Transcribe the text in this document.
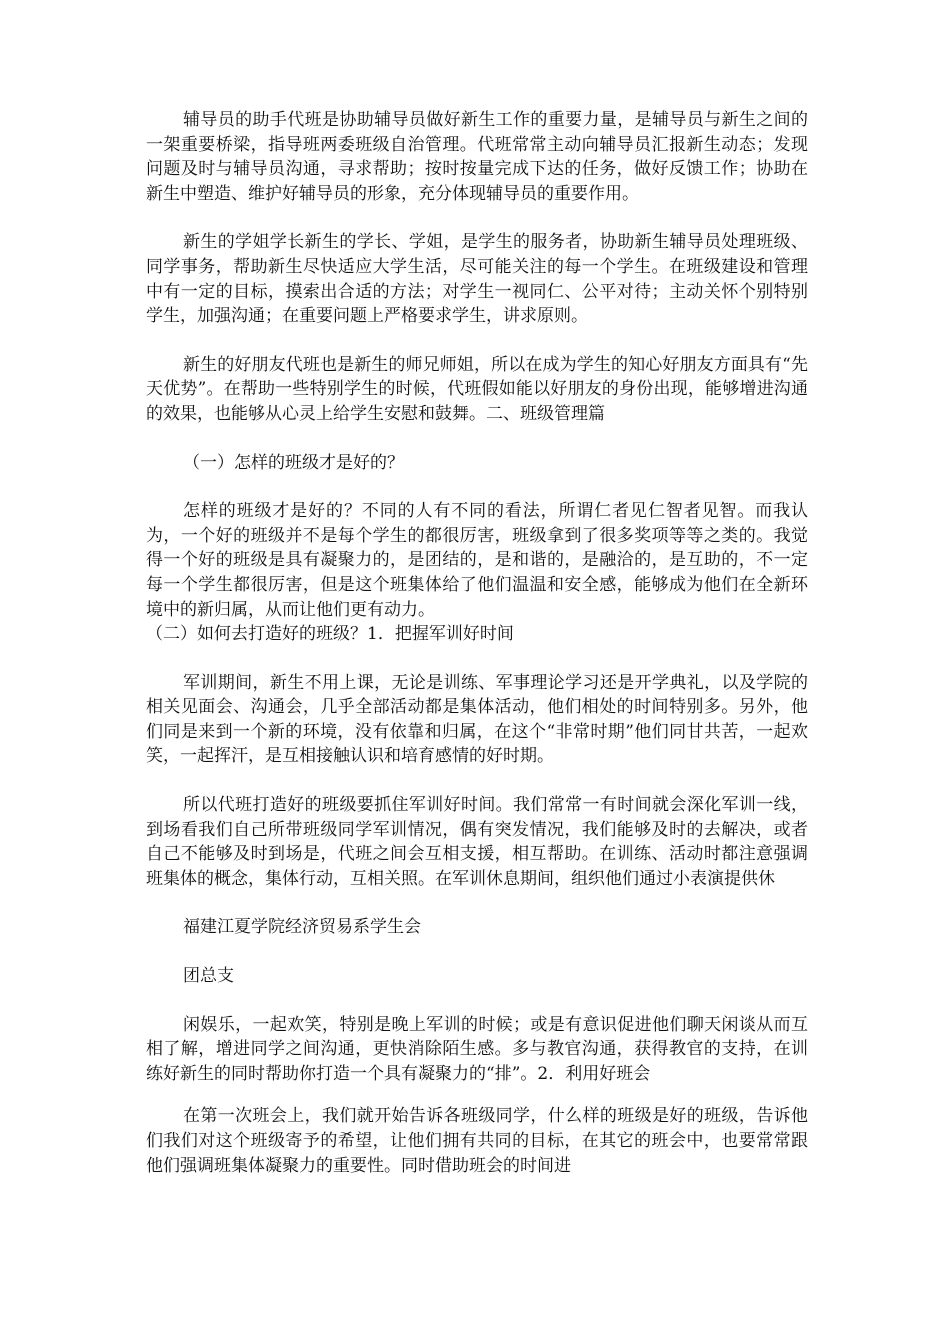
辅导员的助手代班是协助辅导员做好新生工作的重要力量，是辅导员与新生之间的一架重要桥梁，指导班两委班级自治管理。代班常常主动向辅导员汇报新生动态；发现问题及时与辅导员沟通，寻求帮助；按时按量完成下达的任务，做好反馈工作；协助在新生中塑造、维护好辅导员的形象，充分体现辅导员的重要作用。

新生的学姐学长新生的学长、学姐，是学生的服务者，协助新生辅导员处理班级、同学事务，帮助新生尽快适应大学生活，尽可能关注的每一个学生。在班级建设和管理中有一定的目标，摸索出合适的方法；对学生一视同仁、公平对待；主动关怀个别特别学生，加强沟通；在重要问题上严格要求学生，讲求原则。

新生的好朋友代班也是新生的师兄师姐，所以在成为学生的知心好朋友方面具有“先天优势”。在帮助一些特别学生的时候，代班假如能以好朋友的身份出现，能够增进沟通的效果，也能够从心灵上给学生安慰和鼓舞。二、班级管理篇

（一）怎样的班级才是好的？

怎样的班级才是好的？不同的人有不同的看法，所谓仁者见仁智者见智。而我认为，一个好的班级并不是每个学生的都很厉害，班级拿到了很多奖项等等之类的。我觉得一个好的班级是具有凝聚力的，是团结的，是和谐的，是融洽的，是互助的，不一定每一个学生都很厉害，但是这个班集体给了他们温温和安全感，能够成为他们在全新环境中的新归属，从而让他们更有动力。

（二）如何去打造好的班级？1．把握军训好时间

军训期间，新生不用上课，无论是训练、军事理论学习还是开学典礼，以及学院的相关见面会、沟通会，几乎全部活动都是集体活动，他们相处的时间特别多。另外，他们同是来到一个新的环境，没有依靠和归属，在这个“非常时期”他们同甘共苦，一起欢笑，一起挥汗，是互相接触认识和培育感情的好时期。

所以代班打造好的班级要抓住军训好时间。我们常常一有时间就会深化军训一线，到场看我们自己所带班级同学军训情况，偶有突发情况，我们能够及时的去解决，或者自己不能够及时到场是，代班之间会互相支援，相互帮助。在训练、活动时都注意强调班集体的概念，集体行动，互相关照。在军训休息期间，组织他们通过小表演提供休

福建江夏学院经济贸易系学生会

团总支

闲娱乐，一起欢笑，特别是晚上军训的时候；或是有意识促进他们聊天闲谈从而互相了解，增进同学之间沟通，更快消除陌生感。多与教官沟通，获得教官的支持，在训练好新生的同时帮助你打造一个具有凝聚力的“排”。2．利用好班会

在第一次班会上，我们就开始告诉各班级同学，什么样的班级是好的班级，告诉他们我们对这个班级寄予的希望，让他们拥有共同的目标，在其它的班会中，也要常常跟他们强调班集体凝聚力的重要性。同时借助班会的时间进
